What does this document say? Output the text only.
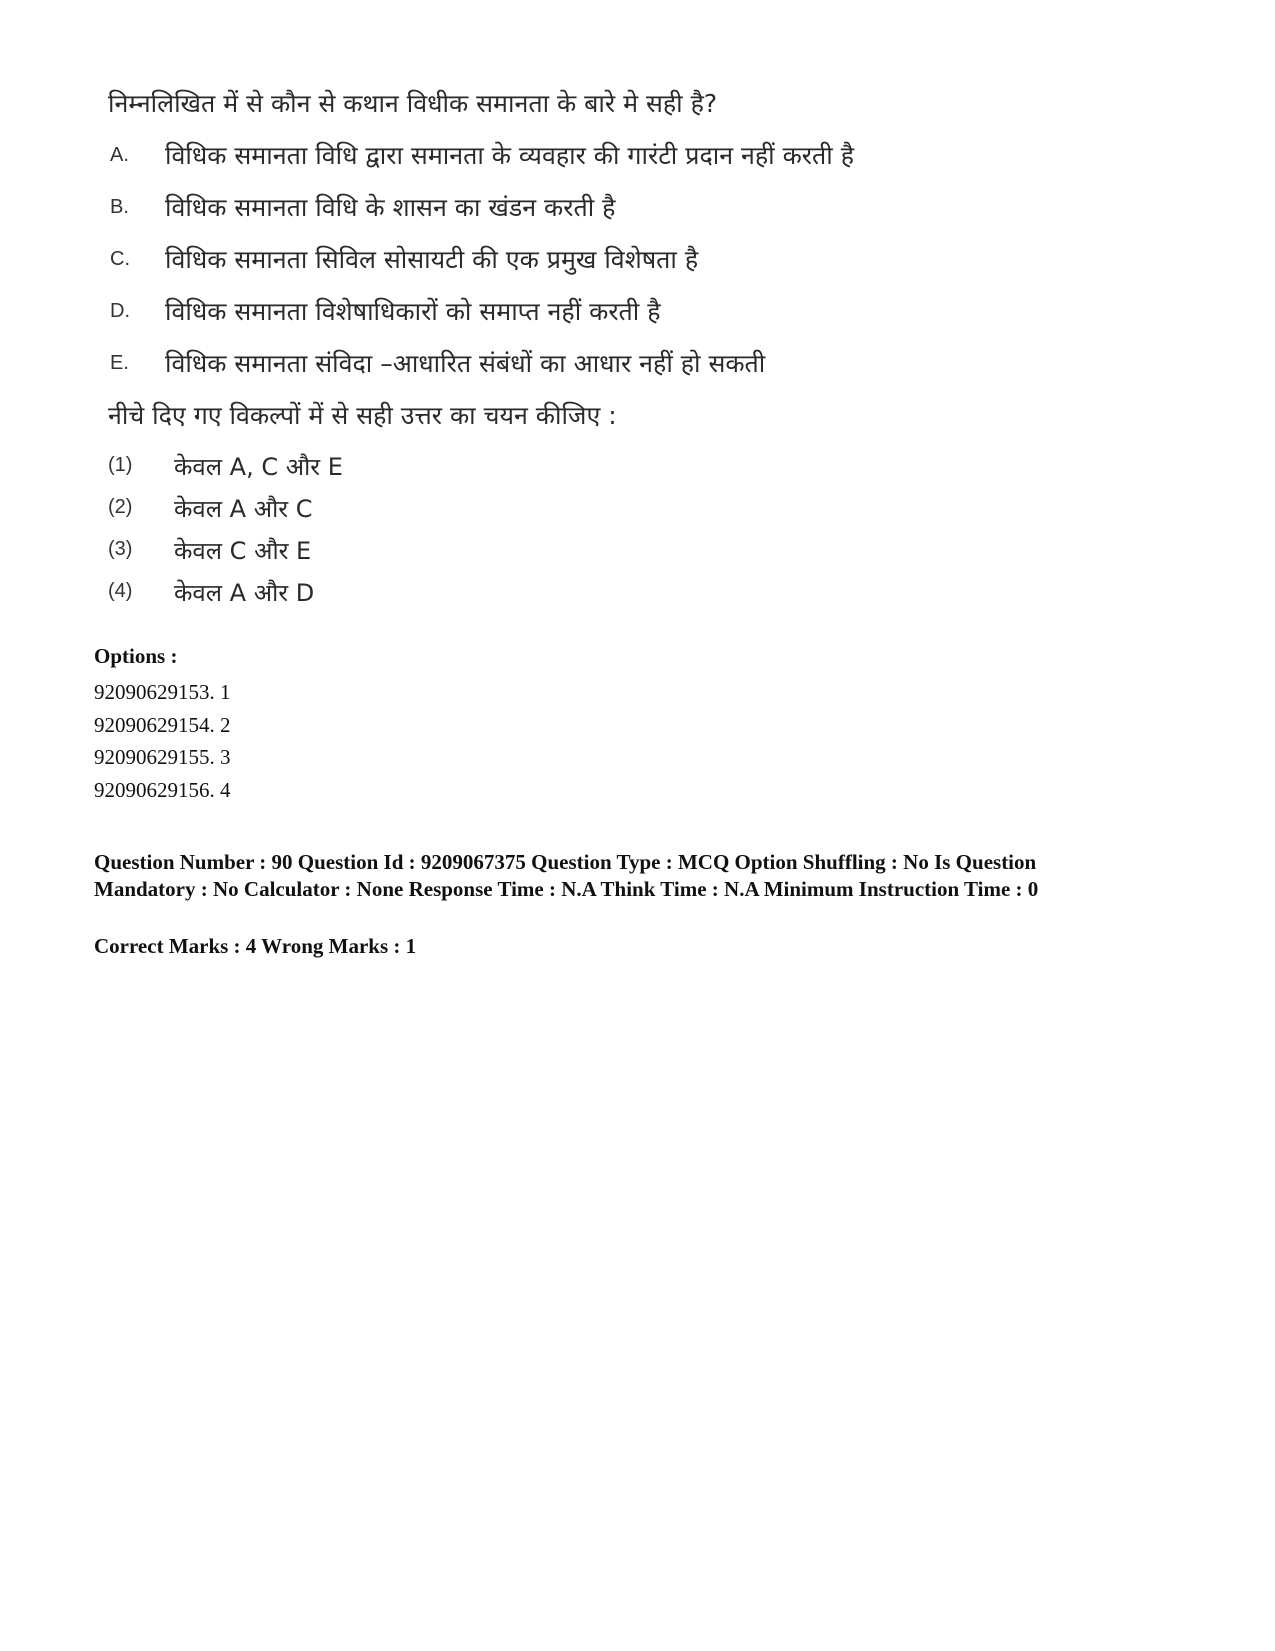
निम्नलिखित में से कौन से कथान विधीक समानता के बारे मे सही है?
A. विधिक समानता विधि द्वारा समानता के व्यवहार की गारंटी प्रदान नहीं करती है
B. विधिक समानता विधि के शासन का खंडन करती है
C. विधिक समानता सिविल सोसायटी की एक प्रमुख विशेषता है
D. विधिक समानता विशेषाधिकारों को समाप्त नहीं करती है
E. विधिक समानता संविदा –आधारित संबंधों का आधार नहीं हो सकती
नीचे दिए गए विकल्पों में से सही उत्तर का चयन कीजिए :
(1) केवल A, C और E
(2) केवल A और C
(3) केवल C और E
(4) केवल A और D
Options :
92090629153. 1
92090629154. 2
92090629155. 3
92090629156. 4
Question Number : 90 Question Id : 9209067375 Question Type : MCQ Option Shuffling : No Is Question Mandatory : No Calculator : None Response Time : N.A Think Time : N.A Minimum Instruction Time : 0
Correct Marks : 4 Wrong Marks : 1
